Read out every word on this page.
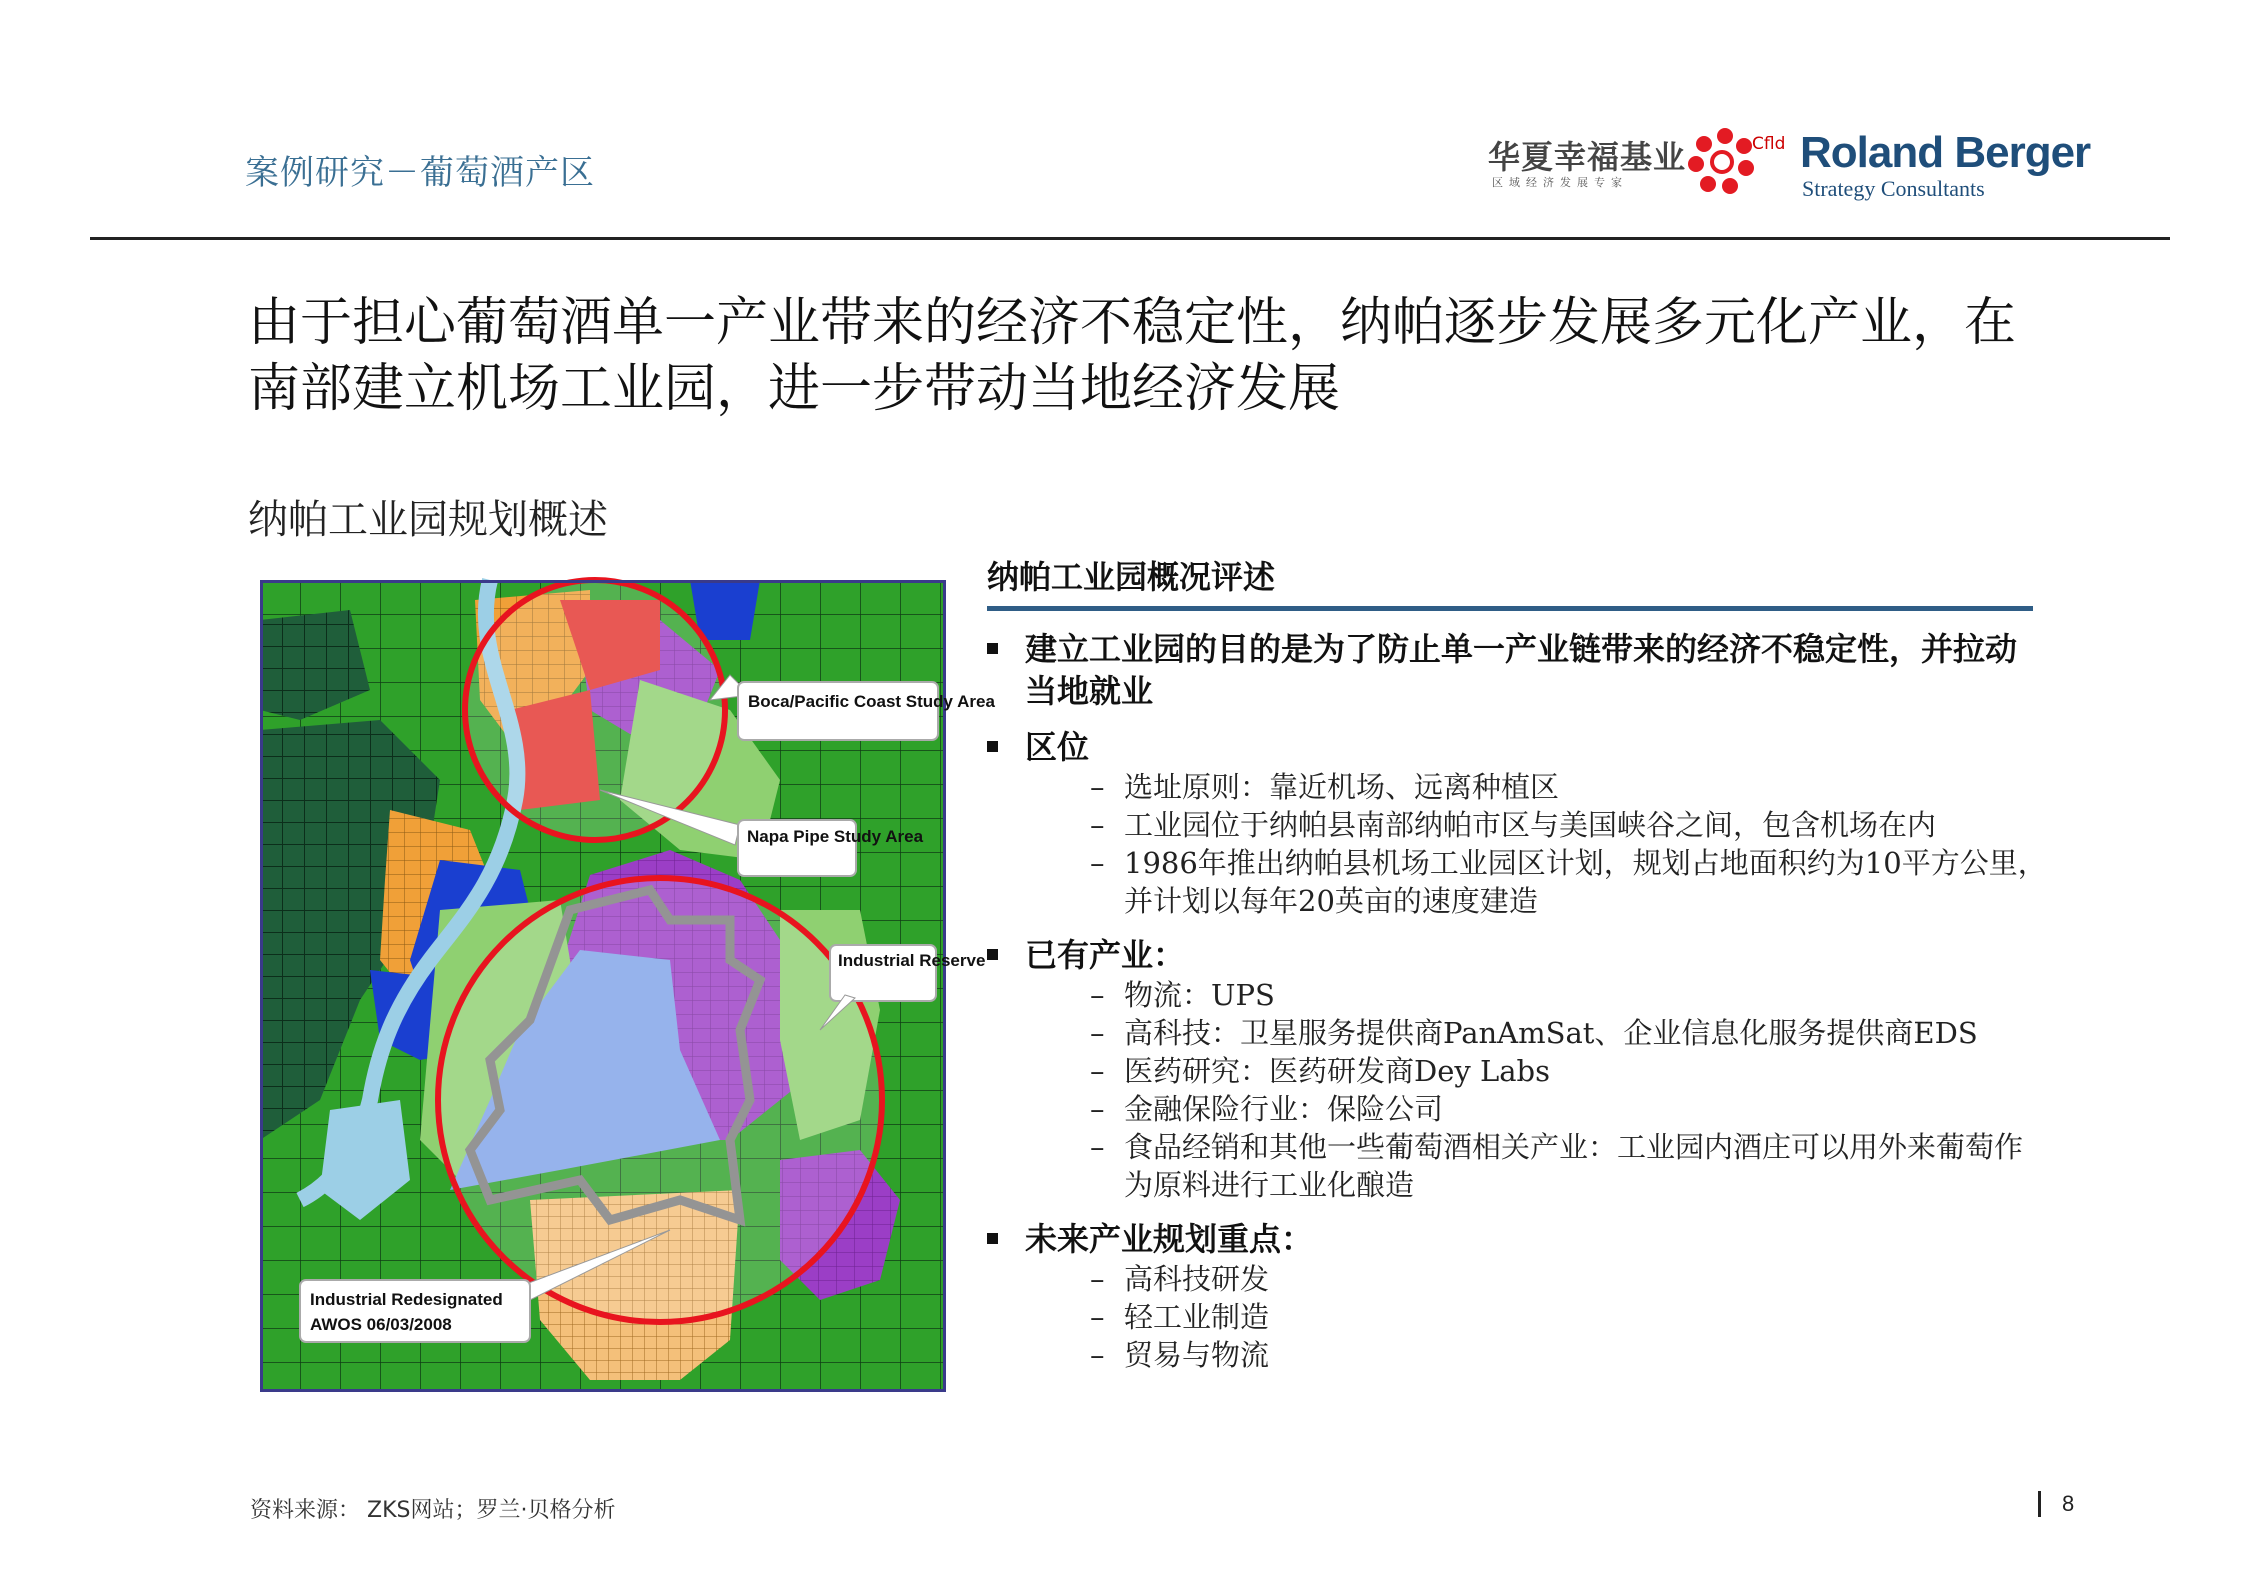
案例研究－葡萄酒产区	华夏幸福基业
区域经济发展专家
Cfld Roland Berger
Strategy Consultants
由于担心葡萄酒单一产业带来的经济不稳定性，纳帕逐步发展多元化产业，在南部建立机场工业园，进一步带动当地经济发展
纳帕工业园规划概述
Boca/Pacific Coast Study Area
Napa Pipe Study Area
Industrial Reserve
Industrial Redesignated
AWOS 06/03/2008
纳帕工业园概况评述
建立工业园的目的是为了防止单一产业链带来的经济不稳定性，并拉动当地就业
区位
– 选址原则：靠近机场、远离种植区
– 工业园位于纳帕县南部纳帕市区与美国峡谷之间，包含机场在内
– 1986年推出纳帕县机场工业园区计划，规划占地面积约为10平方公里，并计划以每年20英亩的速度建造
已有产业：
– 物流：UPS
– 高科技：卫星服务提供商PanAmSat、企业信息化服务提供商EDS
– 医药研究：医药研发商Dey Labs
– 金融保险行业：保险公司
– 食品经销和其他一些葡萄酒相关产业：工业园内酒庄可以用外来葡萄作为原料进行工业化酿造
未来产业规划重点：
– 高科技研发
– 轻工业制造
– 贸易与物流
资料来源： ZKS网站；罗兰·贝格分析	8
